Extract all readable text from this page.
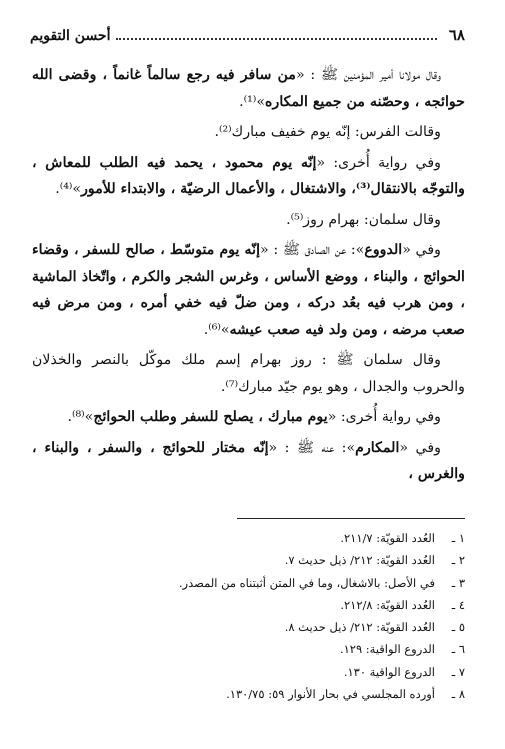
٦٨
أحسن التقويم

وقال مولانا أمير المؤمنين ﷺ : «من سافر فيه رجع سالماً غانماً ، وقضى الله حوائجه ، وحصّنه من جميع المكاره»⁽¹⁾.

وقالت الفرس: إنّه يوم خفيف مبارك⁽²⁾.

وفي رواية أُخرى: «إنّه يوم محمود ، يحمد فيه الطلب للمعاش ، والتوجّه بالانتقال⁽³⁾، والاشتغال ، والأعمال الرضيّة ، والابتداء للأمور»⁽⁴⁾.

وقال سلمان: بهرام روز⁽⁵⁾.

وفي «الدووع»: عن الصادق ﷺ : «إنّه يوم متوسّط ، صالح للسفر ، وقضاء الحوائج ، والبناء ، ووضع الأساس ، وغرس الشجر والكرم ، واتّخاذ الماشية ، ومن هرب فيه بعُد دركه ، ومن ضلّ فيه خفي أمره ، ومن مرض فيه صعب مرضه ، ومن ولد فيه صعب عيشه»⁽⁶⁾.

وقال سلمان ﷺ : روز بهرام إسم ملك موكّل بالنصر والخذلان والحروب والجدال ، وهو يوم جيّد مبارك⁽⁷⁾.

وفي رواية أُخرى: «يوم مبارك ، يصلح للسفر وطلب الحوائج»⁽⁸⁾.

وفي «المكارم»: عنه ﷺ : «إنّه مختار للحوائج ، والسفر ، والبناء ، والغرس ،

١ ـ
العُدد القويّة: ٢١١/٧.
٢ ـ
العُدد القويّة: ٢١٢/ ذيل حديث ٧.
٣ ـ
في الأصل: بالاشغال، وما في المتن أثبتناه من المصدر.
٤ ـ
العُدد القويّة: ٢١٢/٨.
٥ ـ
العُدد القويّة: ٢١٢/ ذيل حديث ٨.
٦ ـ
الدروع الواقية: ١٢٩.
٧ ـ
الدروع الواقية ١٣٠.
٨ ـ
أورده المجلسي في بحار الأنوار ٥٩: ١٣٠/٧٥.
